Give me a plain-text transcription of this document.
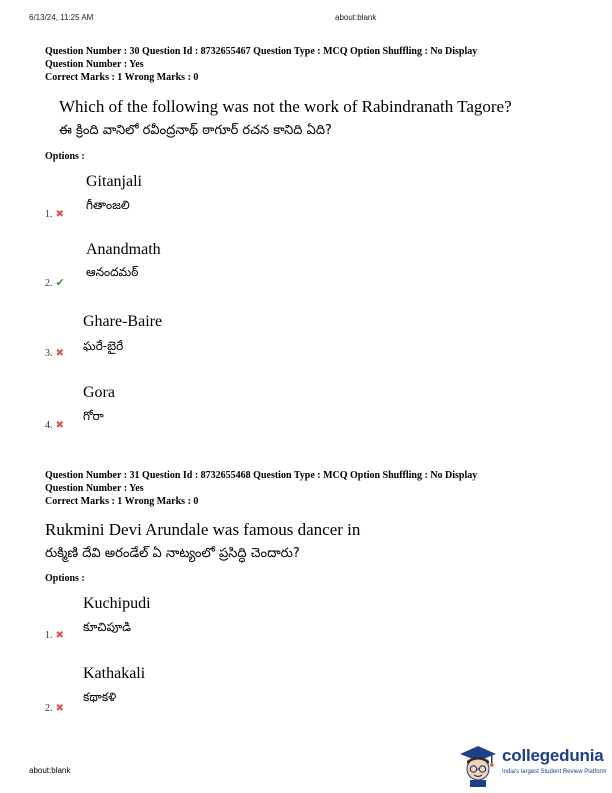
6/13/24, 11:25 AM	about:blank
Question Number : 30 Question Id : 8732655467 Question Type : MCQ Option Shuffling : No Display
Question Number : Yes
Correct Marks : 1 Wrong Marks : 0
Which of the following was not the work of Rabindranath Tagore?
ఈ క్రింది వానిలో రవీంద్రనాథ్ ఠాగూర్ రచన కానిది ఏది?
Options :
Gitanjali
గీతాంజలి
1. ✖
Anandmath
ఆనందమఠ్
2. ✔
Ghare-Baire
ఘరే-బైరే
3. ✖
Gora
గోరా
4. ✖
Question Number : 31 Question Id : 8732655468 Question Type : MCQ Option Shuffling : No Display
Question Number : Yes
Correct Marks : 1 Wrong Marks : 0
Rukmini Devi Arundale was famous dancer in
రుక్మిణి దేవి అరండేల్ ఏ నాట్యంలో ప్రసిద్ధి చెందారు?
Options :
Kuchipudi
కూచిపూడి
1. ✖
Kathakali
కథాకళి
2. ✖
about:blank
collegedunia
India's largest Student Review Platform
